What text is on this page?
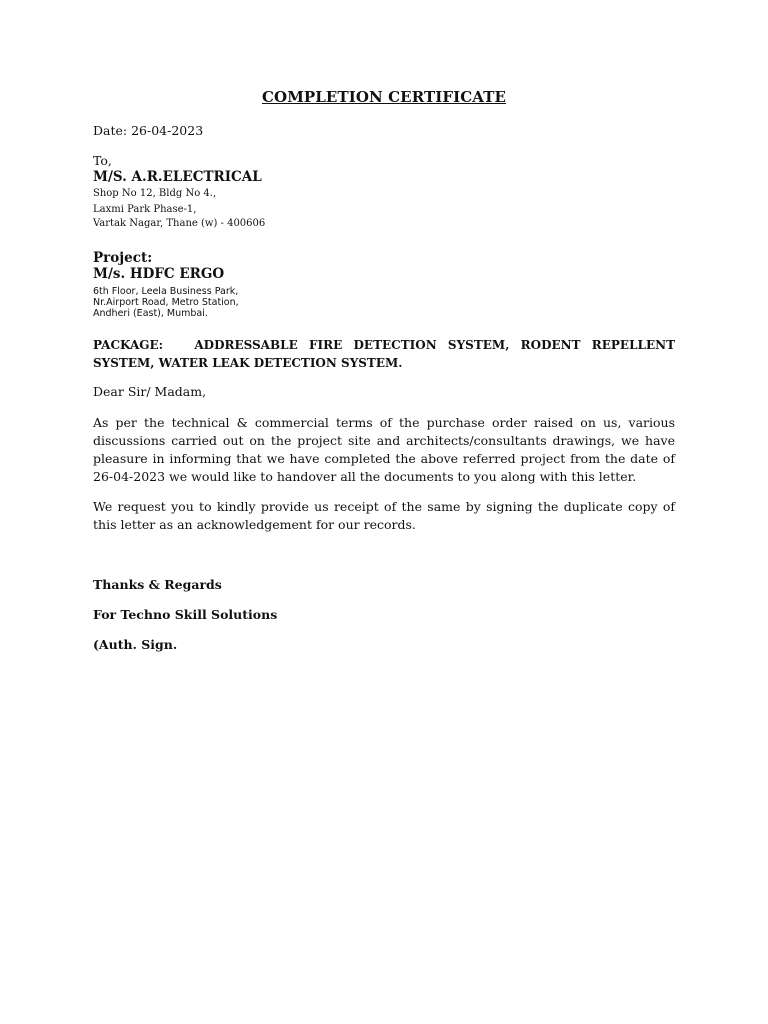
COMPLETION CERTIFICATE
Date: 26-04-2023
To,
M/S. A.R.ELECTRICAL
Shop No 12, Bldg No 4.,
Laxmi Park Phase-1,
Vartak Nagar, Thane (w) - 400606
Project:
M/s. HDFC ERGO
6th Floor, Leela Business Park,
Nr.Airport Road, Metro Station,
Andheri (East), Mumbai.
PACKAGE:	ADDRESSABLE FIRE DETECTION SYSTEM, RODENT REPELLENT SYSTEM, WATER LEAK DETECTION SYSTEM.
Dear Sir/ Madam,
As per the technical & commercial terms of the purchase order raised on us, various discussions carried out on the project site and architects/consultants drawings, we have pleasure in informing that we have completed the above referred project from the date of 26-04-2023 we would like to handover all the documents to you along with this letter.
We request you to kindly provide us receipt of the same by signing the duplicate copy of this letter as an acknowledgement for our records.
Thanks & Regards
For Techno Skill Solutions
(Auth. Sign.
